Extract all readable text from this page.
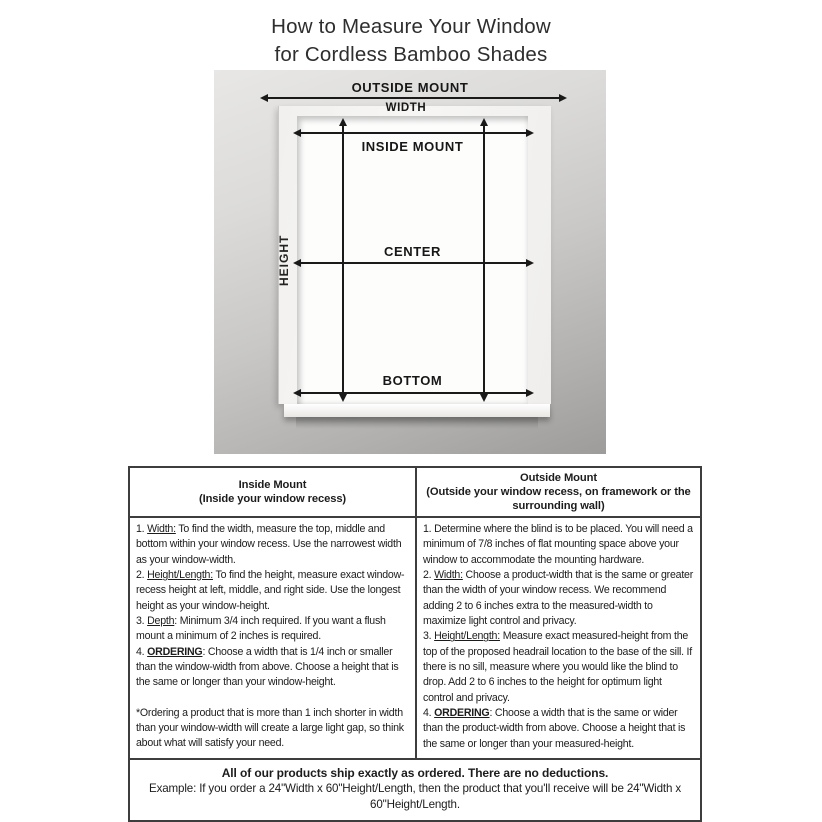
How to Measure Your Window
for Cordless Bamboo Shades
OUTSIDE MOUNT
WIDTH
INSIDE MOUNT
HEIGHT	CENTER
BOTTOM
Inside Mount
(Inside your window recess)
Outside Mount
(Outside your window recess, on framework or the surrounding wall)

1. Width: To find the width, measure the top, middle and bottom within your window recess. Use the narrowest width as your window-width.

2. Height/Length: To find the height, measure exact window-recess height at left, middle, and right side. Use the longest height as your window-height.

3. Depth: Minimum 3/4 inch required. If you want a flush mount a minimum of 2 inches is required.

4. ORDERING: Choose a width that is 1/4 inch or smaller than the window-width from above. Choose a height that is the same or longer than your window-height.

*Ordering a product that is more than 1 inch shorter in width than your window-width will create a large light gap, so think about what will satisfy your need.

1. Determine where the blind is to be placed. You will need a minimum of 7/8 inches of flat mounting space above your window to accommodate the mounting hardware.

2. Width: Choose a product-width that is the same or greater than the width of your window recess. We recommend adding 2 to 6 inches extra to the measured-width to maximize light control and privacy.

3. Height/Length: Measure exact measured-height from the top of the proposed headrail location to the base of the sill. If there is no sill, measure where you would like the blind to drop. Add 2 to 6 inches to the height for optimum light control and privacy.

4. ORDERING: Choose a width that is the same or wider than the product-width from above. Choose a height that is the same or longer than your measured-height.

All of our products ship exactly as ordered. There are no deductions.
Example: If you order a 24"Width x 60"Height/Length, then the product that you'll receive will be 24"Width x 60"Height/Length.
